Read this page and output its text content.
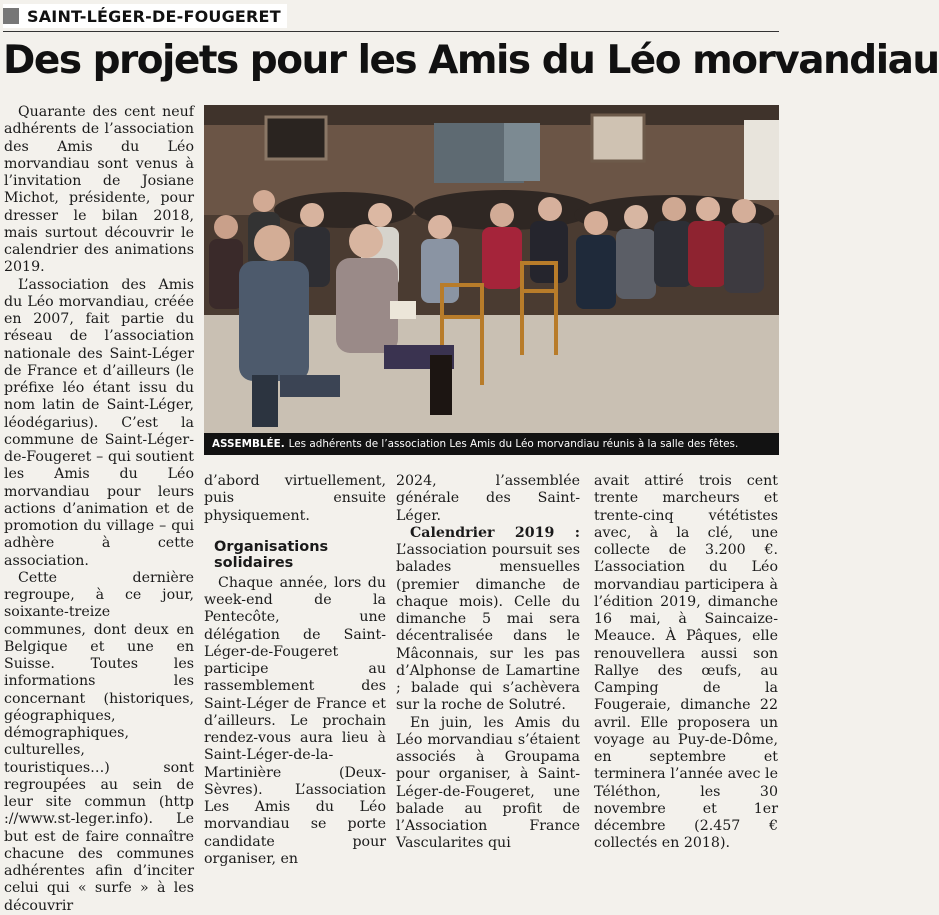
SAINT-LÉGER-DE-FOUGERET
Des projets pour les Amis du Léo morvandiau

Quarante des cent neuf adhérents de l’association des Amis du Léo morvandiau sont venus à l’invitation de Josiane Michot, présidente, pour dresser le bilan 2018, mais surtout découvrir le calendrier des animations 2019.

L’association des Amis du Léo morvandiau, créée en 2007, fait partie du réseau de l’association nationale des Saint-Léger de France et d’ailleurs (le préfixe léo étant issu du nom latin de Saint-Léger, léodégarius). C’est la commune de Saint-Léger-de-Fougeret – qui soutient les Amis du Léo morvandiau pour leurs actions d’animation et de promotion du village – qui adhère à cette association.

Cette dernière regroupe, à ce jour, soixante-treize communes, dont deux en Belgique et une en Suisse. Toutes les informations les concernant (historiques, géographiques, démographiques, culturelles, touristiques…) sont regroupées au sein de leur site commun (http ://www.st-leger.info). Le but est de faire connaître chacune des communes adhérentes afin d’inciter celui qui « surfe » à les découvrir

ASSEMBLÉE. Les adhérents de l’association Les Amis du Léo morvandiau réunis à la salle des fêtes.

d’abord virtuellement, puis ensuite physiquement.

Organisations solidaires

Chaque année, lors du week-end de la Pentecôte, une délégation de Saint-Léger-de-Fougeret participe au rassemblement des Saint-Léger de France et d’ailleurs. Le prochain rendez-vous aura lieu à Saint-Léger-de-la-Martinière (Deux-Sèvres). L’association Les Amis du Léo morvandiau se porte candidate pour organiser, en

2024, l’assemblée générale des Saint-Léger.

Calendrier 2019 : L’association poursuit ses balades mensuelles (premier dimanche de chaque mois). Celle du dimanche 5 mai sera décentralisée dans le Mâconnais, sur les pas d’Alphonse de Lamartine ; balade qui s’achèvera sur la roche de Solutré.

En juin, les Amis du Léo morvandiau s’étaient associés à Groupama pour organiser, à Saint-Léger-de-Fougeret, une balade au profit de l’Association France Vascularites qui

avait attiré trois cent trente marcheurs et trente-cinq vététistes avec, à la clé, une collecte de 3.200 €. L’association du Léo morvandiau participera à l’édition 2019, dimanche 16 mai, à Saincaize-Meauce. À Pâques, elle renouvellera aussi son Rallye des œufs, au Camping de la Fougeraie, dimanche 22 avril. Elle proposera un voyage au Puy-de-Dôme, en septembre et terminera l’année avec le Téléthon, les 30 novembre et 1er décembre (2.457 € collectés en 2018).
